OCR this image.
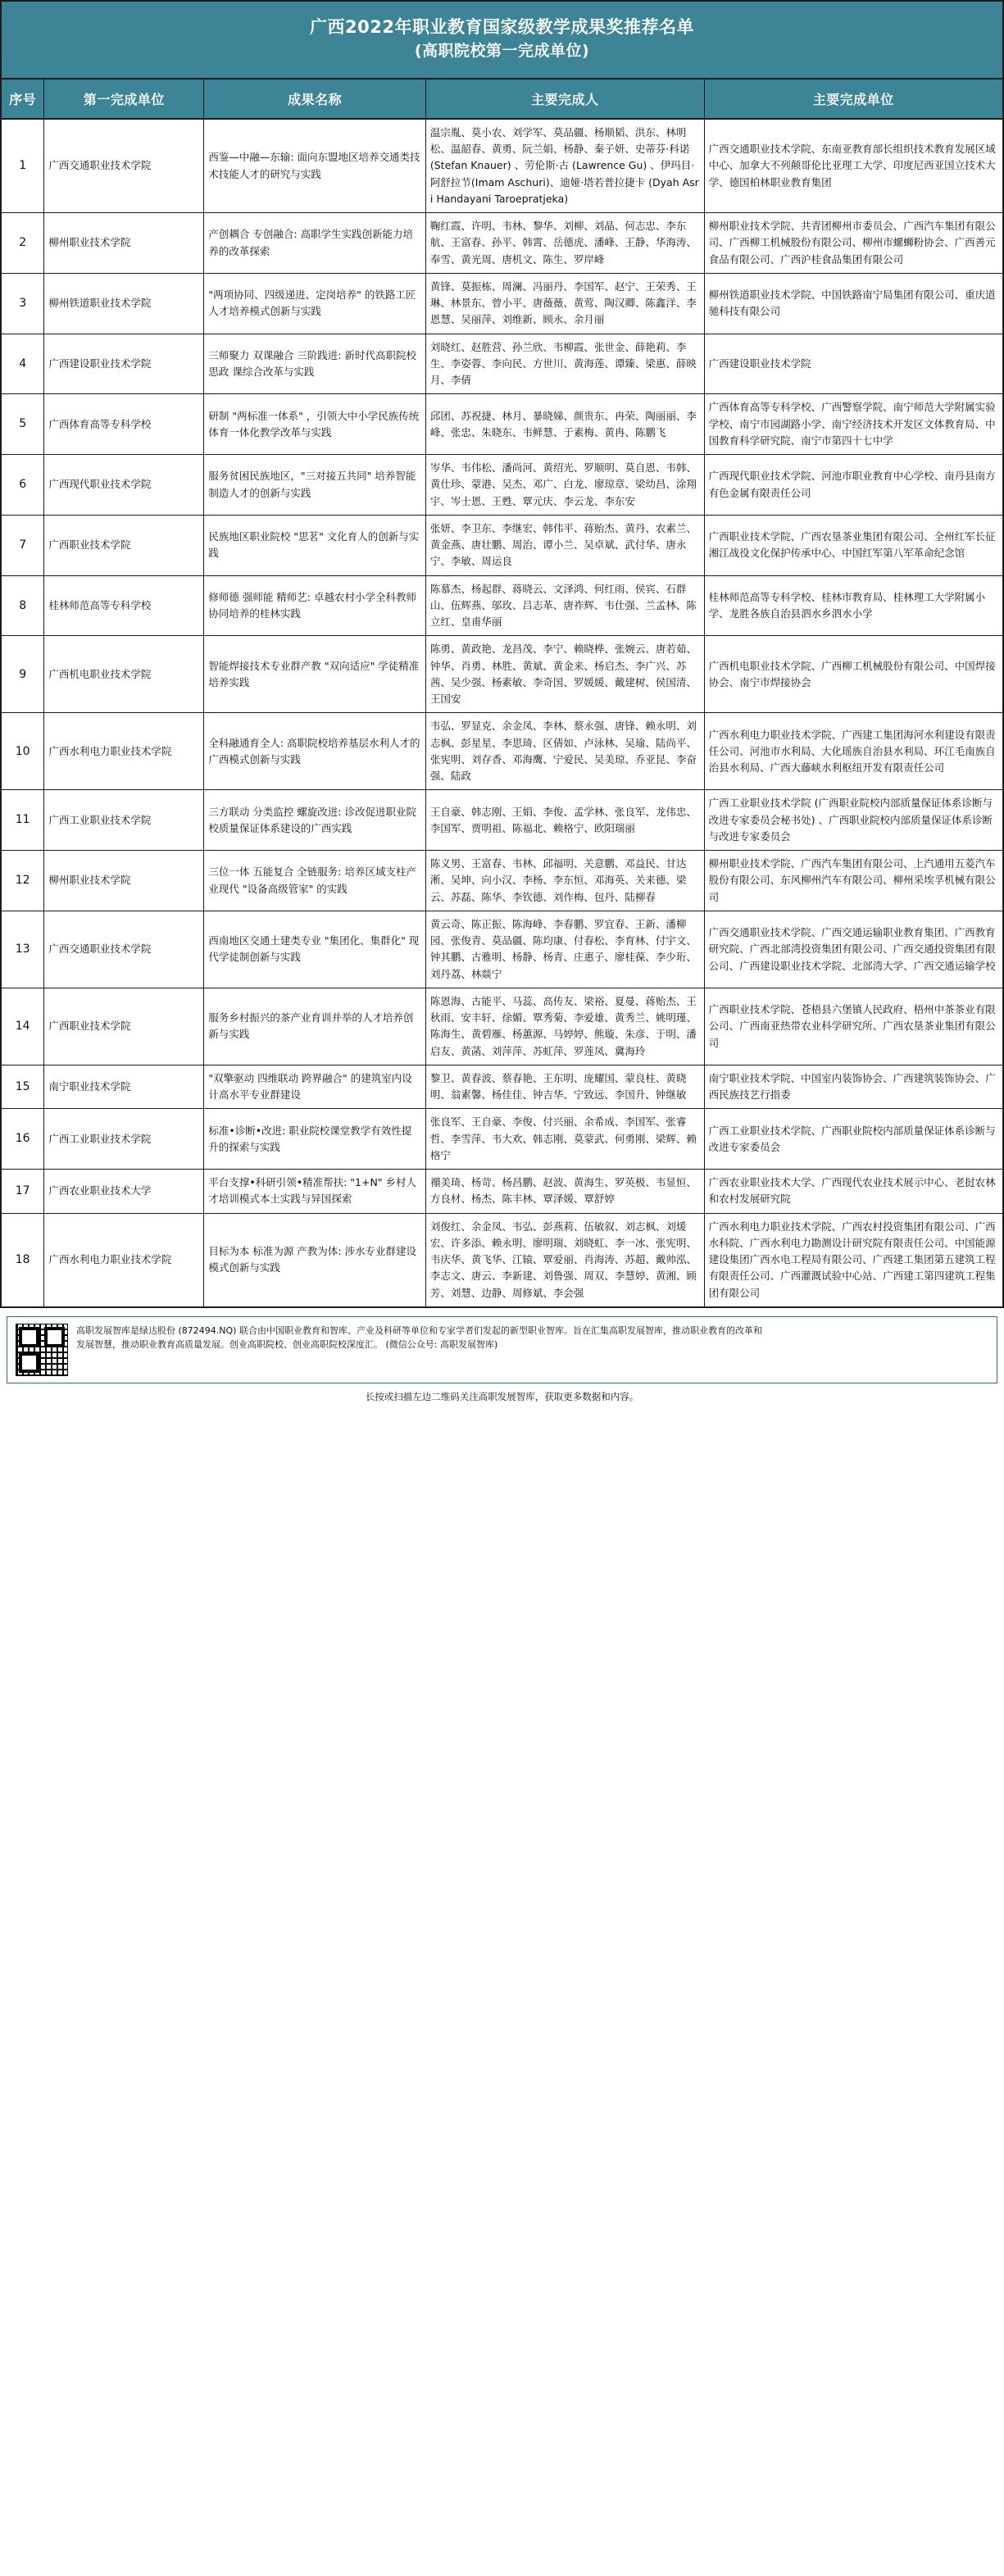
广西2022年职业教育国家级教学成果奖推荐名单
(高职院校第一完成单位)
序号	第一完成单位	成果名称	主要完成人	主要完成单位
1	广西交通职业技术学院	西鉴—中融—东输: 面向东盟地区培养交通类技术技能人才的研究与实践	温宗胤、莫小农、刘学军、莫品疆、杨顺韬、洪东、林明松、温韶春、黄勇、阮兰娟、杨静、秦子妍、史蒂芬·科诺 (Stefan Knauer) 、劳伦斯·古 (Lawrence Gu) 、伊玛目·阿舒拉节(Imam Aschuri)、迪娅·塔若普拉捷卡 (Dyah Asri Handayani Taroepratjeka)	广西交通职业技术学院、东南亚教育部长组织技术教育发展区域中心、加拿大不列颠哥伦比亚理工大学、印度尼西亚国立技术大学、德国柏林职业教育集团
2	柳州职业技术学院	产创耦合 专创融合: 高职学生实践创新能力培养的改革探索	鞠红霞、许明、韦林、黎华、刘柳、刘晶、何志忠、李东航、王富春、孙平、韩霄、岳德虎、潘峰、王静、华海涛、奉雪、黄光周、唐机文、陈生、罗岸峰	柳州职业技术学院、共青团柳州市委员会、广西汽车集团有限公司、广西柳工机械股份有限公司、柳州市螺蛳粉协会、广西善元食品有限公司、广西沪桂食品集团有限公司
3	柳州铁道职业技术学院	"两项协同、四级递进、定岗培养" 的铁路工匠人才培养模式创新与实践	黄锋、莫振栋、周澜、冯丽丹、李国军、赵宁、王荣秀、王琳、林景东、曾小平、唐薇薇、黄莺、陶汉卿、陈鑫洋、李恩慧、吴丽萍、刘维新、顾永、余月丽	柳州铁道职业技术学院、中国铁路南宁局集团有限公司、重庆道驰科技有限公司
4	广西建设职业技术学院	三师聚力 双课融合 三阶践进: 新时代高职院校思政 课综合改革与实践	刘晓红、赵胜营、孙兰欣、韦柳霞、张世金、薛艳莉、李生、李姿蓉、李向民、方世川、黄海莲、谭臻、梁惠、薛映月、李倩	广西建设职业技术学院
5	广西体育高等专科学校	研制 "两标准一体系" ，引领大中小学民族传统体育一体化教学改革与实践	邱团、苏祝捷、林月、暴晓娣、颜贵东、冉荣、陶丽丽、李峰、张忠、朱晓东、韦鲜慧、于素梅、黄冉、陈鹏飞	广西体育高等专科学校、广西警察学院、南宁师范大学附属实验学校、南宁市园湖路小学、南宁经济技术开发区文体教育局、中国教育科学研究院、南宁市第四十七中学
6	广西现代职业技术学院	服务贫困民族地区，"三对接五共同" 培养智能制造人才的创新与实践	岑华、韦伟松、潘尚河、黄绍光、罗顺明、莫自恩、韦韩、黄仕珍、蒙港、吴杰、邓广、白龙、廖琼章、梁幼昌、涂翔宇、岑士恩、王甦、覃元庆、李云龙、李东安	广西现代职业技术学院、河池市职业教育中心学校、南丹县南方有色金属有限责任公司
7	广西职业技术学院	民族地区职业院校 "思茗" 文化育人的创新与实践	张妍、李卫东、李继宏、韩伟平、蒋贻杰、黄丹、农素兰、黄金燕、唐壮鹏、周治、谭小兰、吴卓斌、武付华、唐永宁、李敏、周运良	广西职业技术学院、广西农垦茶业集团有限公司、全州红军长征湘江战役文化保护传承中心、中国红军第八军革命纪念馆
8	桂林师范高等专科学校	修师德 强师能 精师艺: 卓越农村小学全科教师协同培养的桂林实践	陈慕杰、杨起群、蒋晓云、文泽鸿、何红雨、侯宾、石群山、伍辉燕、邬玫、吕志革、唐祚辉、韦仕强、兰孟林、陈立红、皇甫华丽	桂林师范高等专科学校、桂林市教育局、桂林理工大学附属小学、龙胜各族自治县泗水乡泗水小学
9	广西机电职业技术学院	智能焊接技术专业群产教 "双向适应" 学徒精准培养实践	陈勇、黄政艳、龙昌茂、李宁、赖晓桦、张婉云、唐若茹、钟华、肖勇、林胜、黄斌、黄金来、杨启杰、李广兴、苏茜、吴少强、杨素敏、李奇国、罗媛媛、戴建树、侯国清、王国安	广西机电职业技术学院、广西柳工机械股份有限公司、中国焊接协会、南宁市焊接协会
10	广西水利电力职业技术学院	全科融通育全人: 高职院校培养基层水利人才的广西模式创新与实践	韦弘、罗显克、余金凤、李林、蔡永强、唐锋、赖永明、刘志枫、彭星星、李思琦、区倩如、卢泳林、吴瑜、陆尚平、张宪明、刘存香、邓海鹰、宁爱民、吴美琼、乔亚昆、李奋强、陆政	广西水利电力职业技术学院、广西建工集团海河水利建设有限责任公司、河池市水利局、大化瑶族自治县水利局、环江毛南族自治县水利局、广西大藤峡水利枢纽开发有限责任公司
11	广西工业职业技术学院	三方联动 分类监控 螺旋改进: 诊改促进职业院校质量保证体系建设的广西实践	王自豪、韩志刚、王娟、李俊、孟学林、张良军、龙伟忠、李国军、贾明祖、陈福北、赖格宁、欧阳瑞丽	广西工业职业技术学院 (广西职业院校内部质量保证体系诊断与改进专家委员会秘书处) 、广西职业院校内部质量保证体系诊断与改进专家委员会
12	柳州职业技术学院	三位一体 五能复合 全链服务: 培养区域支柱产业现代 "设备高级管家" 的实践	陈义男、王富春、韦林、邱福明、关意鹏、邓益民、甘达淅、吴坤、向小汉、李杨、李东恒、邓海英、关来德、梁云、苏磊、陈华、李钦德、刘作梅、包丹、陆柳春	柳州职业技术学院、广西汽车集团有限公司、上汽通用五菱汽车股份有限公司、东风柳州汽车有限公司、柳州采埃孚机械有限公司
13	广西交通职业技术学院	西南地区交通土建类专业 "集团化、集群化" 现代学徒制创新与实践	黄云奇、陈正振、陈海峰、李春鹏、罗宜春、王新、潘柳园、张俊青、莫品疆、陈均康、付春松、李育林、付宇文、钟其鹏、古雅明、杨静、杨青、庄惠子、廖桂葆、李少珩、刘丹荔、林燚宁	广西交通职业技术学院、广西交通运输职业教育集团、广西教育研究院、广西北部湾投资集团有限公司、广西交通投资集团有限公司、广西建设职业技术学院、北部湾大学、广西交通运输学校
14	广西职业技术学院	服务乡村振兴的茶产业育训并举的人才培养创新与实践	陈恩海、古能平、马蕊、高传友、梁裕、夏曼、蒋贻杰、王秋雨、安丰轩、徐媚、覃秀菊、李爱雄、黄秀兰、姚明瑾、陈海生、黄碧雁、杨蕙源、马婷婷、熊璇、朱彦、于明、潘启友、黄菡、刘萍萍、苏虹萍、罗莲凤、冀海玲	广西职业技术学院、苍梧县六堡镇人民政府、梧州中茶茶业有限公司、广西南亚热带农业科学研究所、广西农垦茶业集团有限公司
15	南宁职业技术学院	"双擎驱动 四维联动 跨界融合" 的建筑室内设计高水平专业群建设	黎卫、黄春波、蔡春艳、王东明、庞耀国、蒙良柱、黄晓明、翁素馨、杨佳佳、钟吉华、宁致远、李国升、钟继敏	南宁职业技术学院、中国室内装饰协会、广西建筑装饰协会、广西民族技艺行指委
16	广西工业职业技术学院	标准•诊断•改进: 职业院校课堂教学有效性提升的探索与实践	张良军、王自豪、李俊、付兴丽、余希成、李国军、张睿哲、李雪萍、韦大欢、韩志刚、莫蒙武、何勇刚、梁辉、赖格宁	广西工业职业技术学院、广西职业院校内部质量保证体系诊断与改进专家委员会
17	广西农业职业技术大学	平台支撑•科研引领•精准帮扶: "1+N" 乡村人才培训模式本土实践与异国探索	禤美琦、杨苛、杨昌鹏、赵波、黄海生、罗英极、韦显恒、方良材、杨杰、陈丰林、覃泽媛、覃舒婷	广西农业职业技术大学、广西现代农业技术展示中心、老挝农林和农村发展研究院
18	广西水利电力职业技术学院	目标为本 标准为源 产教为体: 涉水专业群建设模式创新与实践	刘俊红、余金凤、韦弘、彭燕莉、伍敏叙、刘志枫、刘煖宏、许多添、赖永明、廖明瑞、刘晓虹、李一冰、张宪明、韦庆华、黄飞华、江辕、覃爱丽、肖海涛、苏超、戴帅泓、李志文、唐云、李新建、刘鲁强、周双、李慧婷、黄湘、顾芳、刘慧、边静、周修斌、李会强	广西水利电力职业技术学院、广西农村投资集团有限公司、广西水科院、广西水利电力勘测设计研究院有限责任公司、中国能源建设集团广西水电工程局有限公司、广西建工集团第五建筑工程有限责任公司、广西灌溉试验中心站、广西建工第四建筑工程集团有限公司
高职发展智库是绿达股份 (872494.NQ) 联合由中国职业教育和智库、产业及科研等单位和专家学者们发起的新型职业智库。旨在汇集高职发展智库，推动职业教育的改革和
发展智慧，推动职业教育高质量发展。创业高职院校、创业高职院校深度汇。 (微信公众号: 高职发展智库)
长按或扫描左边二维码关注高职发展智库，获取更多数据和内容。
